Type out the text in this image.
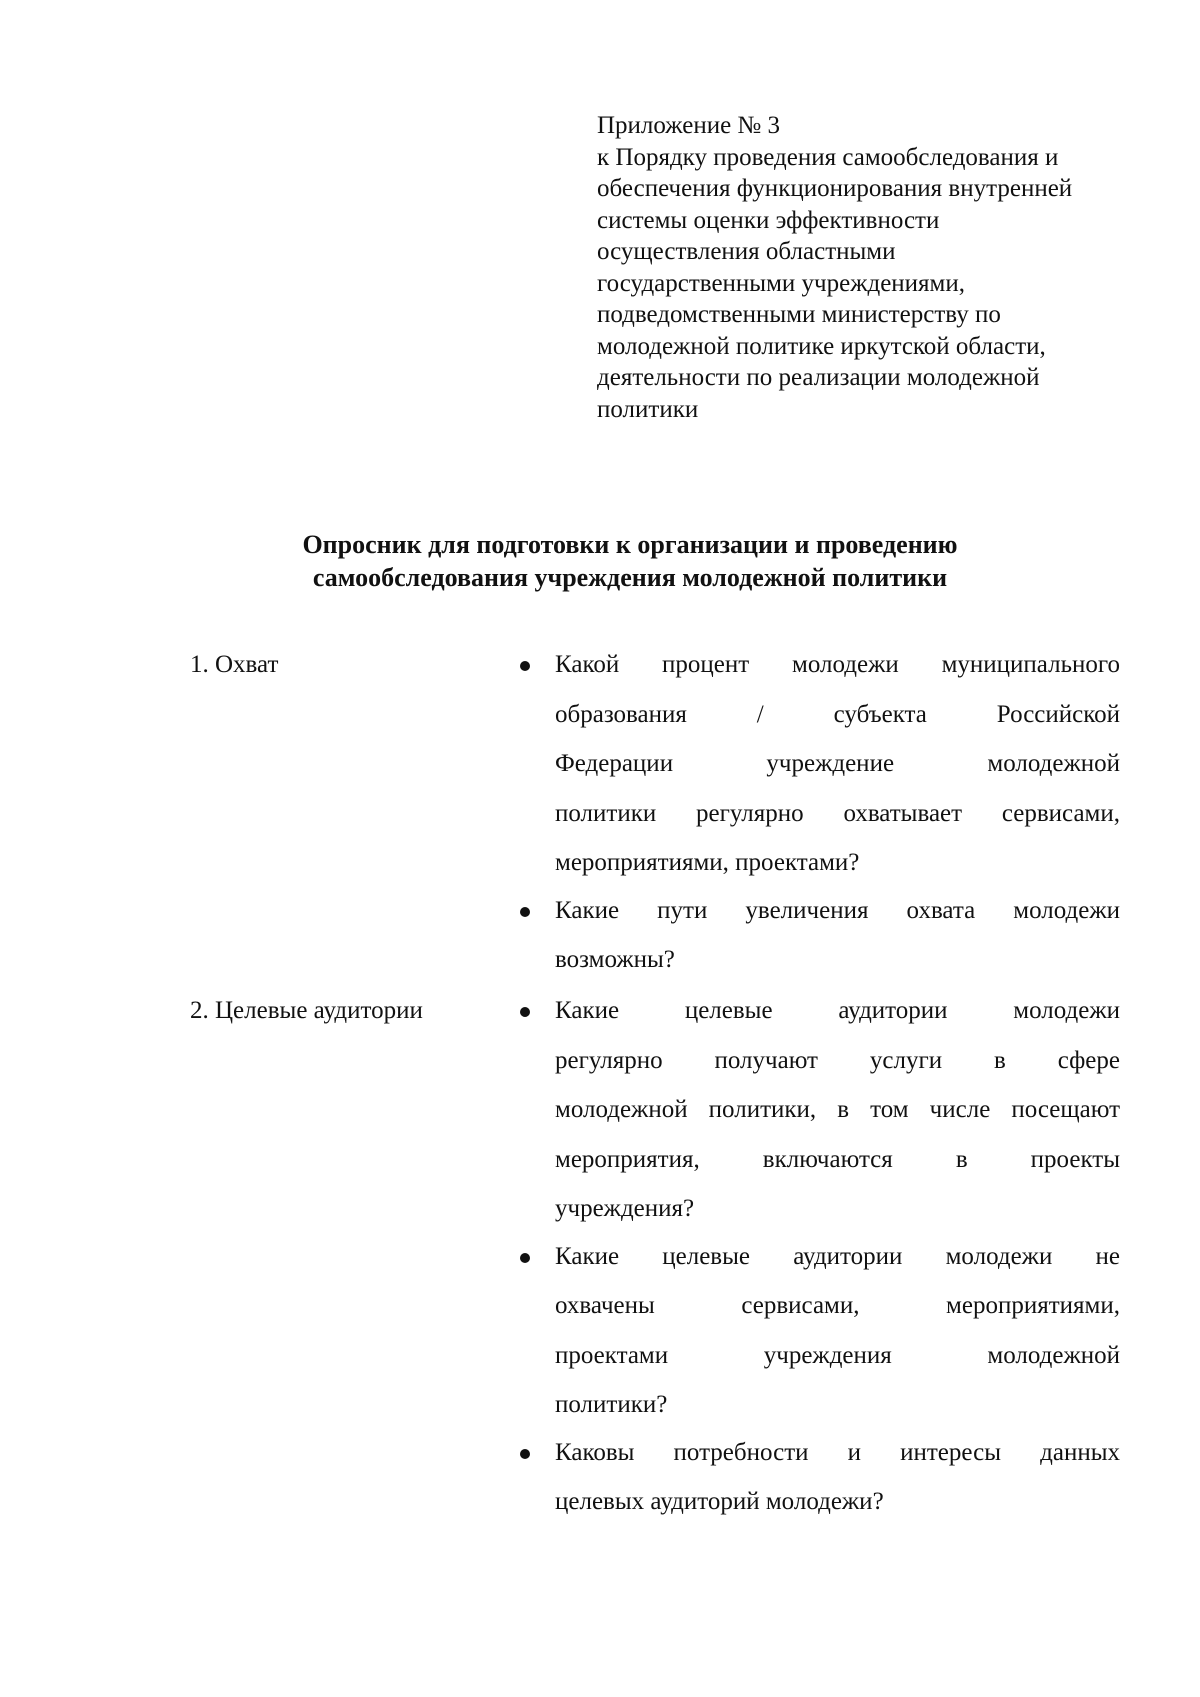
Приложение № 3
к Порядку проведения самообследования и
обеспечения функционирования внутренней
системы оценки эффективности
осуществления областными
государственными учреждениями,
подведомственными министерству по
молодежной политике иркутской области,
деятельности по реализации молодежной
политики
Опросник для подготовки к организации и проведению
самообследования учреждения молодежной политики
1. Охват	Какой процент молодежи муниципального
образования / субъекта Российской
Федерации учреждение молодежной
политики регулярно охватывает сервисами,
мероприятиями, проектами?
Какие пути увеличения охвата молодежи
возможны?
2. Целевые аудитории	Какие целевые аудитории молодежи
регулярно получают услуги в сфере
молодежной политики, в том числе посещают
мероприятия, включаются в проекты
учреждения?
Какие целевые аудитории молодежи не
охвачены сервисами, мероприятиями,
проектами учреждения молодежной
политики?
Каковы потребности и интересы данных
целевых аудиторий молодежи?
